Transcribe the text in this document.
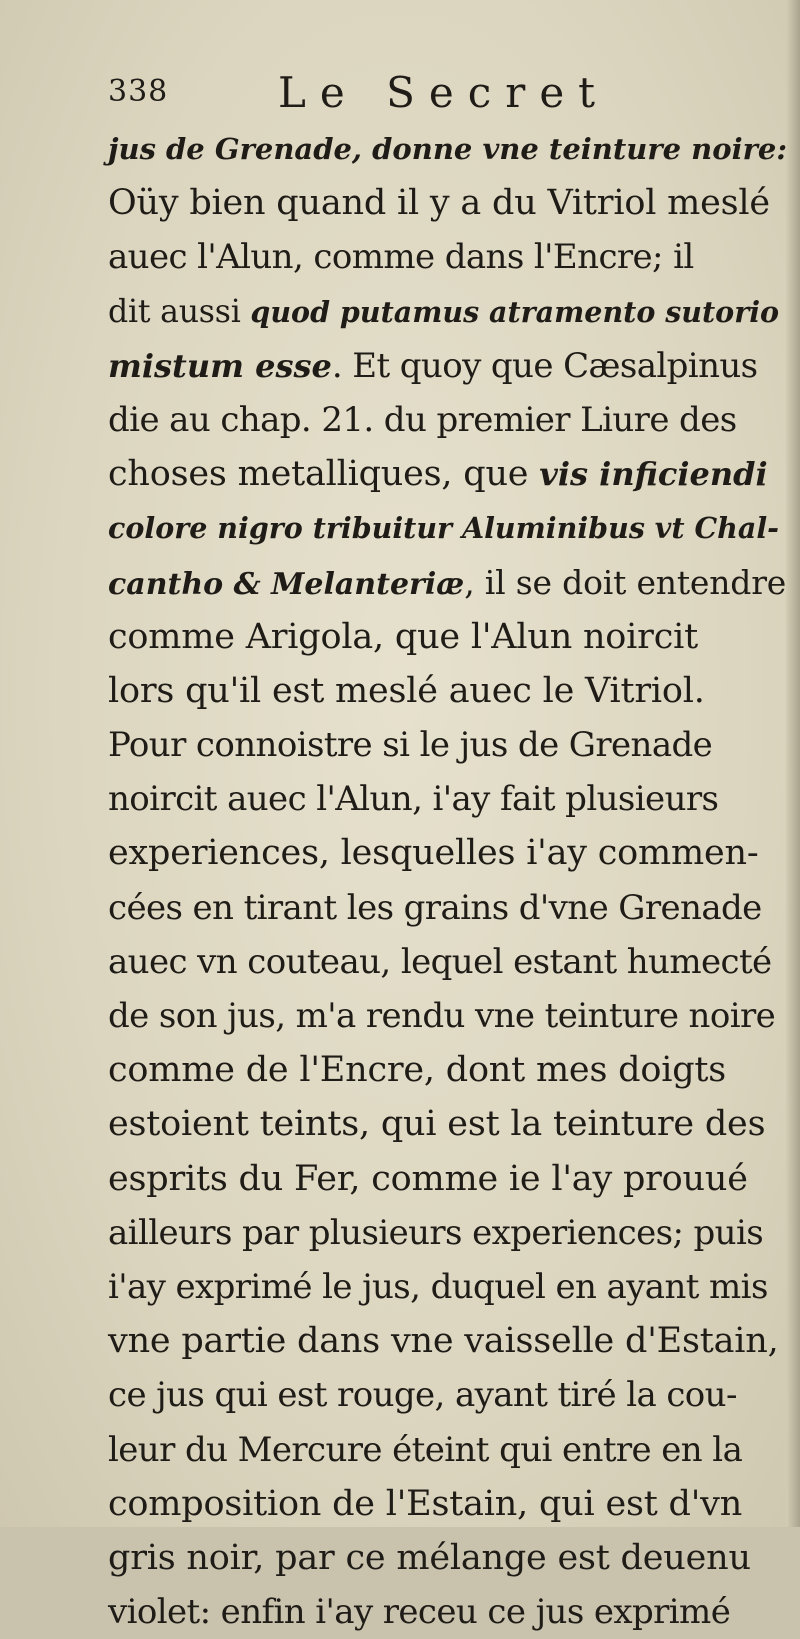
338	Le Secret
jus de Grenade, donne vne teinture noire:
Oüy bien quand il y a du Vitriol meslé
auec l'Alun, comme dans l'Encre; il
dit aussi quod putamus atramento sutorio
mistum esse. Et quoy que Cæsalpinus
die au chap. 21. du premier Liure des
choses metalliques, que vis inficiendi
colore nigro tribuitur Aluminibus vt Chal-
cantho & Melanteriæ, il se doit entendre
comme Arigola, que l'Alun noircit
lors qu'il est meslé auec le Vitriol.
Pour connoistre si le jus de Grenade
noircit auec l'Alun, i'ay fait plusieurs
experiences, lesquelles i'ay commen-
cées en tirant les grains d'vne Grenade
auec vn couteau, lequel estant humecté
de son jus, m'a rendu vne teinture noire
comme de l'Encre, dont mes doigts
estoient teints, qui est la teinture des
esprits du Fer, comme ie l'ay prouué
ailleurs par plusieurs experiences; puis
i'ay exprimé le jus, duquel en ayant mis
vne partie dans vne vaisselle d'Estain,
ce jus qui est rouge, ayant tiré la cou-
leur du Mercure éteint qui entre en la
composition de l'Estain, qui est d'vn
gris noir, par ce mélange est deuenu
violet: enfin i'ay receu ce jus exprimé
